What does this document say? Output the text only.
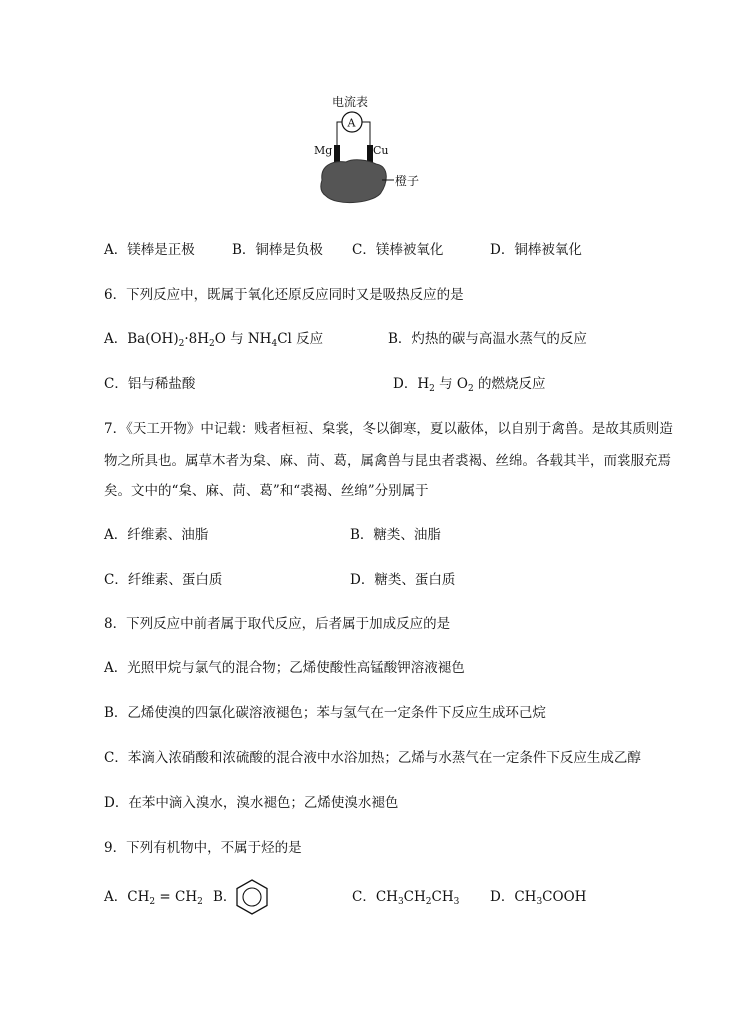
电流表
A
Mg	Cu
橙子
A．镁棒是正极	B．铜棒是负极 C．镁棒被氧化	D．铜棒被氧化
6．下列反应中，既属于氧化还原反应同时又是吸热反应的是
A．$Ba(OH)_2\cdot 8H_2O$ 与 $NH_4Cl$ 反应	B．灼热的碳与高温水蒸气的反应
C．铝与稀盐酸	D．$H_2$ 与 $O_2$ 的燃烧反应
7．《天工开物》中记载：贱者桓裋、枲裳，冬以御寒，夏以蔽体，以自别于禽兽。是故其质则造
物之所具也。属草木者为枲、麻、苘、葛，属禽兽与昆虫者裘褐、丝绵。各载其半，而裳服充焉
矣。文中的“枲、麻、苘、葛”和“裘褐、丝绵”分别属于
A．纤维素、油脂	B．糖类、油脂
C．纤维素、蛋白质	D．糖类、蛋白质
8．下列反应中前者属于取代反应，后者属于加成反应的是
A．光照甲烷与氯气的混合物；乙烯使酸性高锰酸钾溶液褪色
B．乙烯使溴的四氯化碳溶液褪色；苯与氢气在一定条件下反应生成环己烷
C．苯滴入浓硝酸和浓硫酸的混合液中水浴加热；乙烯与水蒸气在一定条件下反应生成乙醇
D．在苯中滴入溴水，溴水褪色；乙烯使溴水褪色
9．下列有机物中，不属于烃的是
A．$CH_2 = CH_2$ B．	C．$CH_3CH_2CH_3$ D．$CH_3COOH$
